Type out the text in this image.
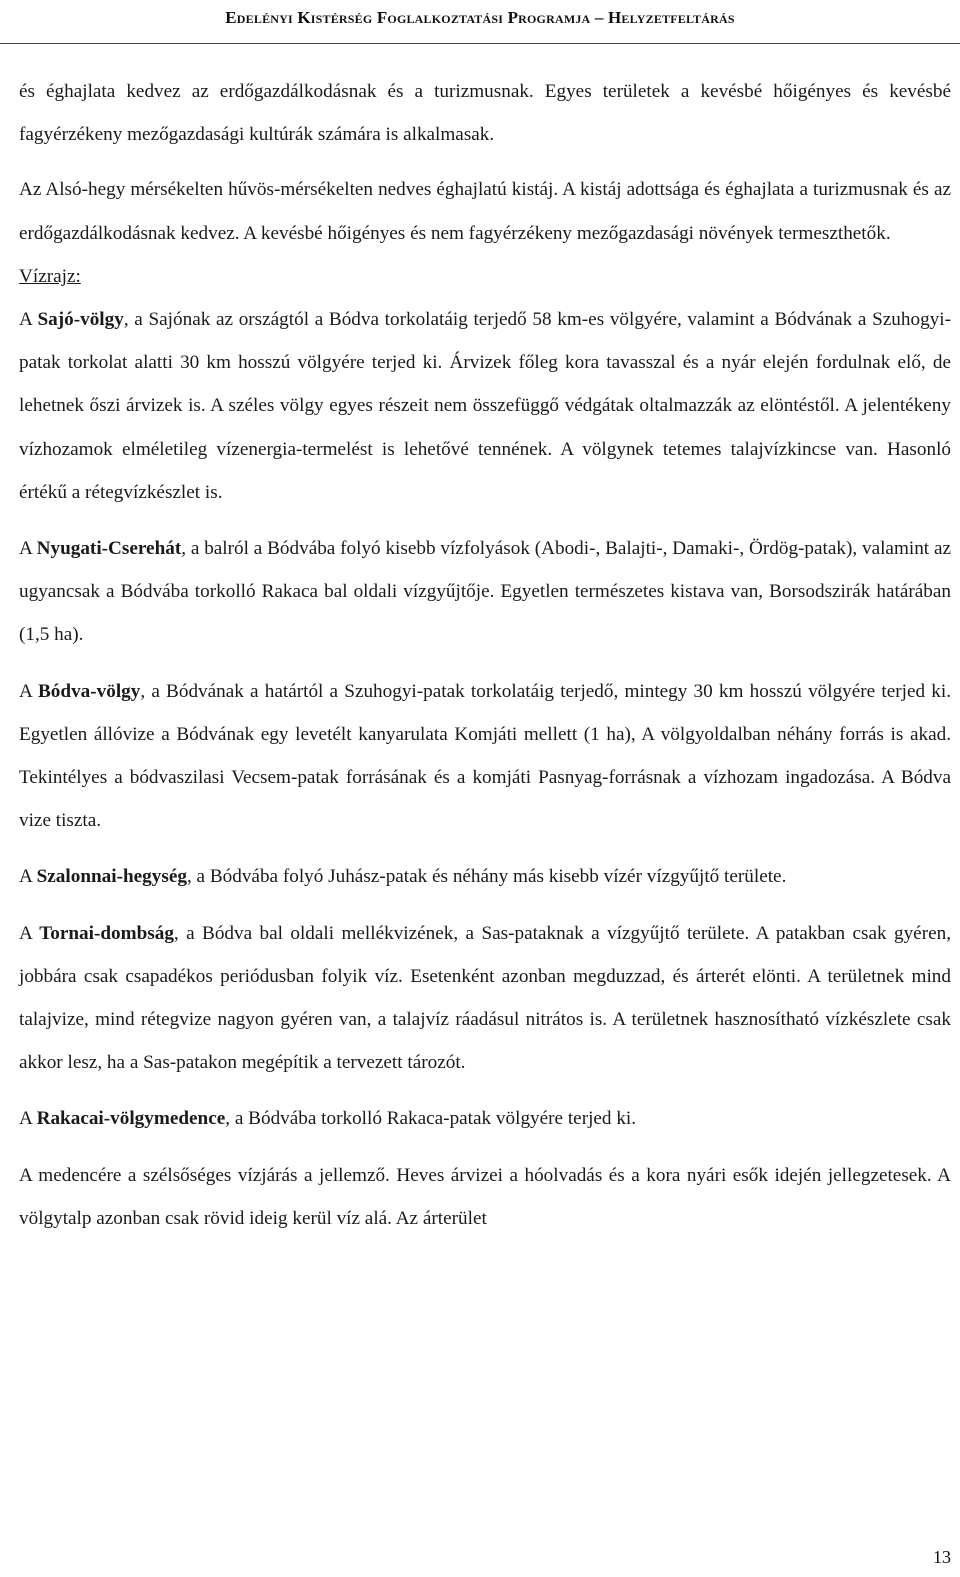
Edelényi Kistérség Foglalkoztatási Programja – Helyzetfeltárás

és éghajlata kedvez az erdőgazdálkodásnak és a turizmusnak. Egyes területek a kevésbé hőigényes és kevésbé fagyérzékeny mezőgazdasági kultúrák számára is alkalmasak.

Az Alsó-hegy mérsékelten hűvös-mérsékelten nedves éghajlatú kistáj. A kistáj adottsága és éghajlata a turizmusnak és az erdőgazdálkodásnak kedvez. A kevésbé hőigényes és nem fagyérzékeny mezőgazdasági növények termeszthetők.

Vízrajz:

A Sajó-völgy, a Sajónak az országtól a Bódva torkolatáig terjedő 58 km-es völgyére, valamint a Bódvának a Szuhogyi-patak torkolat alatti 30 km hosszú völgyére terjed ki. Árvizek főleg kora tavasszal és a nyár elején fordulnak elő, de lehetnek őszi árvizek is. A széles völgy egyes részeit nem összefüggő védgátak oltalmazzák az elöntéstől. A jelentékeny vízhozamok elméletileg vízenergia-termelést is lehetővé tennének. A völgynek tetemes talajvízkincse van. Hasonló értékű a rétegvízkészlet is.

A Nyugati-Cserehát, a balról a Bódvába folyó kisebb vízfolyások (Abodi-, Balajti-, Damaki-, Ördög-patak), valamint az ugyancsak a Bódvába torkolló Rakaca bal oldali vízgyűjtője. Egyetlen természetes kistava van, Borsodszirák határában (1,5 ha).

A Bódva-völgy, a Bódvának a határtól a Szuhogyi-patak torkolatáig terjedő, mintegy 30 km hosszú völgyére terjed ki. Egyetlen állóvize a Bódvának egy levetélt kanyarulata Komjáti mellett (1 ha), A völgyoldalban néhány forrás is akad. Tekintélyes a bódvaszilasi Vecsem-patak forrásának és a komjáti Pasnyag-forrásnak a vízhozam ingadozása. A Bódva vize tiszta.

A Szalonnai-hegység, a Bódvába folyó Juhász-patak és néhány más kisebb vízér vízgyűjtő területe.

A Tornai-dombság, a Bódva bal oldali mellékvizének, a Sas-pataknak a vízgyűjtő területe. A patakban csak gyéren, jobbára csak csapadékos periódusban folyik víz. Esetenként azonban megduzzad, és árterét elönti. A területnek mind talajvize, mind rétegvize nagyon gyéren van, a talajvíz ráadásul nitrátos is. A területnek hasznosítható vízkészlete csak akkor lesz, ha a Sas-patakon megépítik a tervezett tározót.

A Rakacai-völgymedence, a Bódvába torkolló Rakaca-patak völgyére terjed ki.

A medencére a szélsőséges vízjárás a jellemző. Heves árvizei a hóolvadás és a kora nyári esők idején jellegzetesek. A völgytalp azonban csak rövid ideig kerül víz alá. Az árterület

13
